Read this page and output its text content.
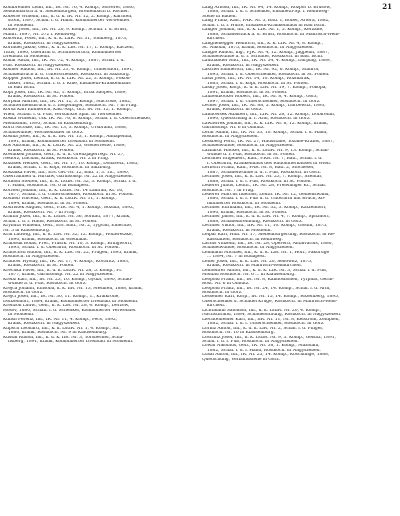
21
Kohlbrenner Lean, Inf., IR. Nr. 76, 4. Komp., Sölverer, 1880,
Sendomarsch a. d. Siebenburgen, Breitenbach b. Röcker.
Köberle Wlhelm, Inf., k. u. k. IR. Nr. 12, 2. Komp., Kärnten,
stock, 1897, Schaf. i. d. Hand. Kombinierter Verwendet
in Moldenh.
Kohler Josef, Inf., IR. Nr. 20, 9. Komp., Schull. i. d. Brust,
Mahrl. 1897, Nr. 572 i. Rennweg.
Kolowitz, Peter, Inf., k. u. k. LiIR. Nr. 31, Tomberg, 1873,
krank, Rostkoch. in Nagyszeben.
Körmdel Jakob, Gefr., k. u. k. LIR. Nr. 17, 1. Komp., Kaczen,
Tittis, 1890, Oberarm u. Schulterbruch, Kombiniertes
Dreiblatt in Moldenh.
Kollár Antal, Inf., IR. Nr. 72, 4. Komp., 1887, Schaf. i. d.
Fuß. Rostkoch. in Nagyszeben.
Kollner Rudolf, Inf., IR. Nr. 21, 4. Komp., Ulmersdorf, 1891,
Schädelbruch a. d. Unterschenkel, Rostkoch. in Salzburg.
Kopper Jozef, Lefitta, k. u. k. LIR. Nr. 22, 3. Komp., Pokon-
tisker, 1882, Schäfl. i. d. r. Knie, Elisabeth-Krankenhaus
in Bad Ischl.
Kopf Josef, Inf., IR. Nr. 82, 1. Komp., Erba Sáopes, 1889,
krank, Rostkoch. in St. Pölten.
Korpula Andras, Inf., IR. Nr. 12, 3. Komp., Maccóde, 1882,
Schultermensbruch u. r. Zeigefinger, Rostkoch. Nr. 7 in Prag.
Korsa Karl Emmerich, Kad.-Asp., Grz. IR. Nr. 12, 1. Komp.,
Wien, Schäfl. i. d. Fuß, Verstärkte Spin. In Tierdenner.
Koska Wilhelm, Ulk. IR. Nr. 76, 8. Komp., Schaf. i. d. Oberschenkel,
Meldbaum, 1893, Schaf. in Klausenburg.
Kortl Nicolae, Inf., IR. Nr. 13, 3. Komp., Ursbrand, 1888,
Schadwunde, Wechselbäder in Görz.
Kosma Josef, Inf., k. u. k. IIR. Nr. 13, 1. Komp., Almapenna,
1891, krank, Kombinierter Dreiblatt in Moldenh.
Kos Antonin, Inf., k. k. LstIR. Nr. 25, Wiederreste, 1889,
krank, Rostkoch. in St. Pölten.
Kowalken Johann, Gefr., k. u. k. Grenzjägerregt. Nr. 27,
Nedorz, Dachau, krank, Rostkoch. Nr. 2 in Prag.
Kozasek Wenzel, Gefr., IR. Nr. 17, 10. Komp., Donavetz, 1885,
krank, Schäf. 1. d. Kopf, Rostkoch. in Salzburg.
Koszalka Pavel, Inf., Ers. GR.-Nr. 12, Batl. 1, 3. Tit., 1890,
Oberrahmen u. Hirdaw, Garnisonsp. Nr. 22 in Nagyszeben.
Kotmon Steffen, Inf., k. k. LstIR. Nr. 32, 3. Komp., Schaf. i. d.
r. Hand, Rostkoch. Nr. 6 in Budapest.
Kotvieh Johann, Inf., k. k. LstIR. Nr. 14 Lalliraff, Kr. 16,
1877, Schäfl. i. d. Unterschenkel, Rostkoch. in St. Pölten.
Kouneb Vincenz, Gefr., k. k. LstIR. Nr. 11, 1. Komp.,
1894, krank, Rostkoch. in St. Pölten.
Kouristek August, Gefr., F.IR. Nr. 4, 1. Komp., Rozina, 1892,
krank, Rostkoch. Nr. 7 in Prag.
Kraffin Jozef, Inf., k. k. LstIR. Nr. 36, Sorkau, 1877, krank,
Schäf. i. d. r. Hand, Rostkoch. in St. Pölten.
Kryndta Wilhelm, Gefr., Ers. Batl., Nr. 2, Tygvan, Emeritte,
Nr. 5 in Klausenburg.
Kral Ludwig, Inf., k. k. LIR. Nr. 32, 12. Komp., Wolawetzke,
1890, krank, Rostkoch. in Wiedfaiat.
Krabosik Bolas, Frei., Prasrk. Nr. 10, 3. Komp., Bringworn,
1893, Schaf. i. d. Oberarm, Rostkoch. in St. Pölten.
Kratochvil Rudolf, Inf., k. k. LIR. Nr. 22, Prüged, 1895, krank,
Rostkoch. in Nagyszeben.
Kraticer Hyolay, Inf., IR. Nr. 17, 4. Komp., Kovaritz, 1883,
krank, Rostkoch. in St. Pölten.
Krechka Pavel, Inf., k. u. k. LstIR. Nr. 28, 5. Komp., Fr.
1877, krank, Garnisonsp. Nr. 22 in Nagyszeben.
Krebz Karl, Inf., IR. Nr. 23, 10. Komp., Gyula, 1890, Schäd-
wunde a. d. Fuß, Rostkoch. in Görz.
Krejca Johann, Ehisoba, k. k. IIR. Nr. 13, Mesllfen, 1888, krank,
Rostkoch. in Görz.
Krejci Josef, Inf., IR. Nr. 30, 11. Komp., 1., Kralkrone,
Donzendorf, 1884, krank, Kombinierter Dreiblatt in Moldenh.
Krenzon Ludw., Gefr., k. k. LIR. Nr. 28, 4. Komp., Derzow,
Hosov, 1880, Schäfl. i. d. Schenkel, Kombinierter Verwendet
in Moldenh.
Kulish Ferenz, Inf., IR. Nr. 11, 4. Komp., Pécs, 1892,
krank, Rostkoch. in Nagyszeben.
Kupsch Leonard, Inf., k. k. LstIR. Nr. 1, 4. Komp., Sa.,
1880, krank, Rostkoch. Nr. 9 in Klausenburg.
Kussal Rudolf, Inf., k. u. k. IIR. Nr. 3, Torsbecker, Schä-
fisberg, 1891, krank, Kombinierter Dreiblatt in Moldenh.
Lang Arnold, Inf., IR. Nr. 94, 14. Komp., Rozpor b. Brüsow,
1888, Schäf. i. d. r. Schenkel, Elisabeth-Sp. i. Rennweg-
Stelle in Baden.
Lang Franz, Kan., FAR. Nr. 3, Batl. 1, Böber, Artera, 1882,
Schäf. i. d. r. Hüfte, Elisabeth-Krankenhaus in Bad Ischl.
Langer Johann, Inf., k. k. LIR. Nr. 1, 5. Komp., Kerzane,
1888, Schädelstück a. d. Brust, Rostkoch. in Mährisch-Weiß-
kirchen.
Langhenegger Heinrich, Inf., k. k. LIR. Nr. 4, 8. Komp.,
St. Nikolai, 1875, krank, Rostkoch. in Nagyszeben.
Längle Rudolf, Ing., FJR. Nr. 4, 12. Komp., Jagpenn, 1887,
Schädelwunde a. d. r. Schulter, Rostkoch. in Bad. Ischl.
Lauthander Rud., Inf., IR. Nr. 34, 4. Komp., Darpiag, 1889,
krank, Rostkoch. in Nagyszeben.
Laschel Emmerich, Inf., IR. Nr. 92, 6. Komp., Stanrol,
1895, Schäf. i. d. Oberschenkel, Rostkoch. in St. Pölten.
Laszl Josef, Inf., IR. Nr. 14, 10. Komp., Rozmarak,
1883, Schäf. i. d. Kopf, Rostkoch. in St. Pölten.
Lasky Josef, Korp., k. u. k. LIR. Nr. 19, 7. Komp., Pokopa,
1891, krank, Rostkoch. in St. Pölten.
Laubenbocker Robert, Inf., IR. Nr. 8, 4. Komp., Görz,
1897, Schäf. i. d. Unterschenkel, Rostkoch. in Görz.
Lecker Josef, Inf., IR. Nr. 88, 5. Komp., Darbewitz, 1893,
krank, Rostkoch. in Görz.
Lanhowsek Adalbert, Inf., LIR. Nr. 28, 12. Komp., Dobirenin,
1890, Quetschung a. r. Arm, Rostkoch. in Görz.
Lawawrek Johann, Inf., k. k. LIR. Nr. 8, 12. Komp., krank,
Garnisonsp. Nr. 6 in Olmütz.
Lerar Adam, Inf., IR. Nr. 33, 10. Komp., Schäf. i. d. Hand,
Rostkoch. in Nagyszeben.
Lessberg Ferd., IR. Nr. 27, Hausstäne, Tozane-Kräbis, 1887,
Schädelwunde, Rostkoch. in Nagyszeben.
Lazhardt Wacker, Inf., k. k. LstIR. Nr. 9, 13. Komp., Schaf-
wunde d. r. Fuß, Rostkoch. in St. Pölten.
Leichner Engelbert, Kan., F.KR. Nr. 7, Batl., Schäf. i. d.
r. Oberarm, Krankenhaus des Rudolfinerhauses in Wien.
Lerbsch Franz, Kan., FAR. Nr. 8, Batl. 2, Stocnesel,
1887, Schädelwunde a. d. l. Fuß, Rostkoch. in Görz.
Lechner Josef, Inf., k. k. LIR. Nr. 23, 7. Komp., Szentar,
1888, Schäf. i. d. l. Fuß, Rostkoch. in St. Pölten.
Lederer Julius, Leutn., IR. Nr. 28, Freiwilliger Kr., Schäf.
Rostkoch. Nr. 7 in Prag.
Lederer Marcus Ildefons, Leutn. IR. Nr. 12, Gemenswand,
1880, Schäf. i. d. r. Fuß u. d. Unterarm mit Bruch, Ko-
mbinierter Rostkoch. in Moldenh.
Lechner Ehrmann, Inf., IR. Nr. 32, 3. Komp., Katzendorf,
1890, krank, Rostkoch. in St. Pölten.
Lechner Janos, Inf., k. u. k. LIR. Nr. 4, 7. Komp., Spitzdorf,
1888, Schädelbrennung, Rostkoch. in Görz.
Lechner Viktor, Inf., IIR. Nr. 11, 10. Komp., Olöum, 1875,
krank, Rostkoch. in Moldenh.
Leipar Karl, Hülf. Nr. 17, Siebenbürgerung, Rostkoch. in Re-
kasstaffen, Rostkoch. in Rennweg.
Lachis Vinzenz, Inf., IR. Nr. 28, Operern, Antalvarius, 1880,
Schädelwunde, Rostkoch. in Nagyszeben.
Lehmann Michael, Inf., k. u. k. LIR. Nr. 1, Hofr., Fakuruge
... 1894, Nr. 7 in Budapest.
Leiter Josef, Inf., k. k. LIR. Nr. 20, Sellowitz, 1875,
krank, Rostkoch. in Mährisch-Weißkirchen.
Leintenrer Anton, Inf., k. u. k. LIR. Nr. 3, Schäf. i. d. Fuß,
Moldau Rostkoch. Nr. 6 ... in Klausenburg.
Leopold Franz, Inf., IR. Nr. 8, Kalmoshöhen, Tyrphat, Germ-
Rost. Nr. 6 in Olmütz.
Leopold Franz, Inf., IR. Nr. 24, 14. Komp., Schaf. i. d. Arm,
Rostkoch. in Görz.
Lessemer Karl, Korp., IR. Nr. 15, 14. Komp., Rozenberg, 1895,
Oberschenkel u. Schädel Kruge, Rostkoch. in Mährisch-Weiß-
kirchen.
Lichtmann Salomon, Inf., k. k. LstIR. Nr. 20, 4. Komp.,
Nächstbrand, 1884, Schädelöffnung, Rostkoch. in Nagyszeben.
Liechtenfelder Karl, Inf., IIR. Nr. 11, Nr. 8, Kelstrom, Zemplén,
1882, Schäf. i. d. l. Unterschenkel, Rostkoch. in Görz.
Lorinz Anton, Inf., k. u. k. LIR. Nr. 2, Schäf. i. d. Finger,
Rostkoch. Nr. 10 in Klausenburg.
Loschitz Josef, Inf., k. k. LstIR. Nr. 9, 3. Komp., Gelsitz, 1891,
Schäf. i. d. l. Fuß, Rostkoch. in Nagyszeben.
Lowai Nikolaus, Gefr., IR. Nr. 38, 1. Komp., Mazolani,
1882, Schäf. i. d. l. Hand, Rostkoch. in Nagyszeben.
Lüsal Anton, Inf., IR. Nr. 23, 14. Komp., Koschlinge, 1888,
Quetschung, Verbandstelle in Görz.
